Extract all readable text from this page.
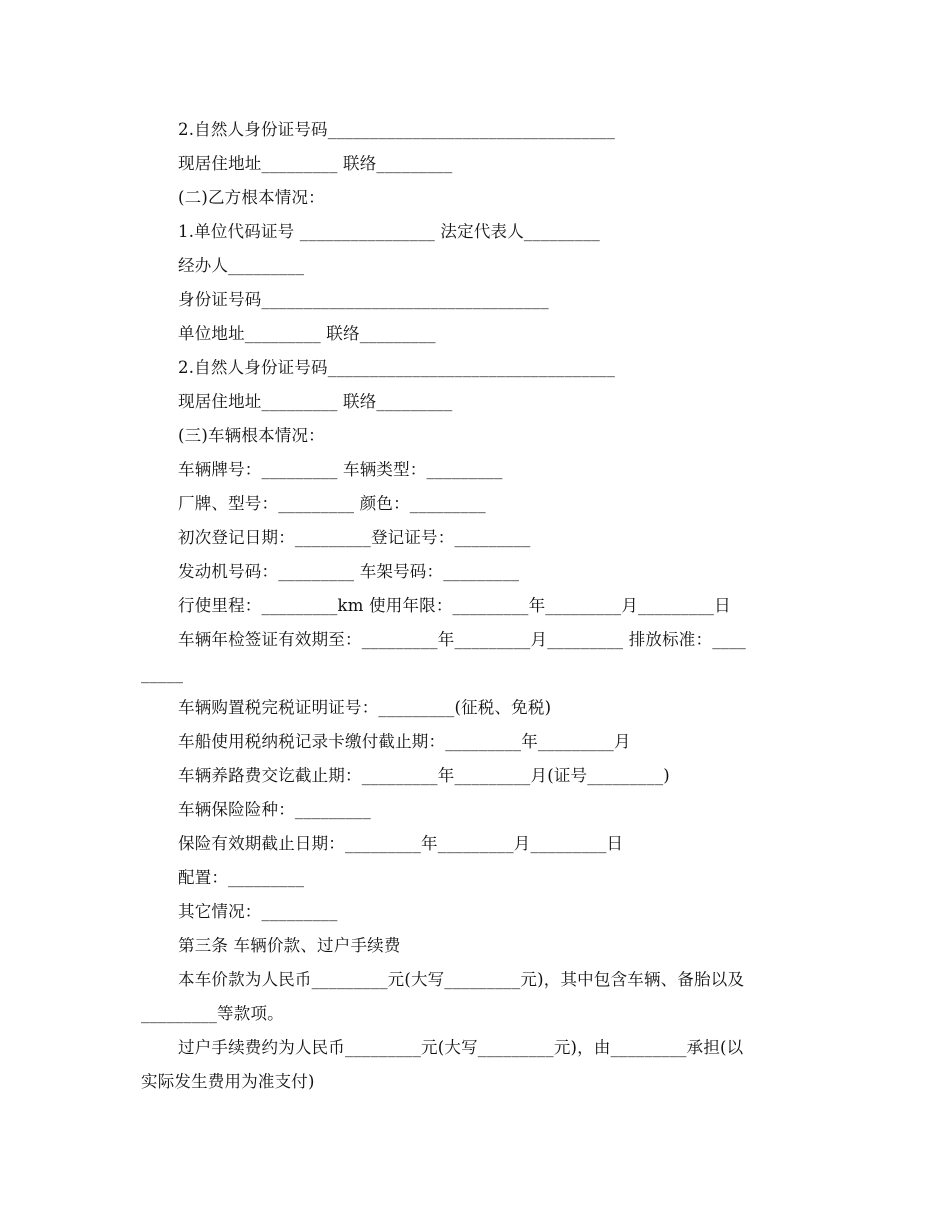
2.自然人身份证号码__________________________________
现居住地址_________ 联络_________
(二)乙方根本情况：
1.单位代码证号 ________________ 法定代表人_________
经办人_________
身份证号码__________________________________
单位地址_________ 联络_________
2.自然人身份证号码__________________________________
现居住地址_________ 联络_________
(三)车辆根本情况：
车辆牌号：_________ 车辆类型：_________
厂牌、型号：_________ 颜色：_________
初次登记日期：_________登记证号：_________
发动机号码：_________ 车架号码：_________
行使里程：_________km 使用年限：_________年_________月_________日
车辆年检签证有效期至：_________年_________月_________ 排放标准：____
_____
车辆购置税完税证明证号：_________(征税、免税)
车船使用税纳税记录卡缴付截止期：_________年_________月
车辆养路费交讫截止期：_________年_________月(证号_________)
车辆保险险种：_________
保险有效期截止日期：_________年_________月_________日
配置：_________
其它情况：_________
第三条 车辆价款、过户手续费
本车价款为人民币_________元(大写_________元)，其中包含车辆、备胎以及
_________等款项。
过户手续费约为人民币_________元(大写_________元)，由_________承担(以
实际发生费用为准支付)
